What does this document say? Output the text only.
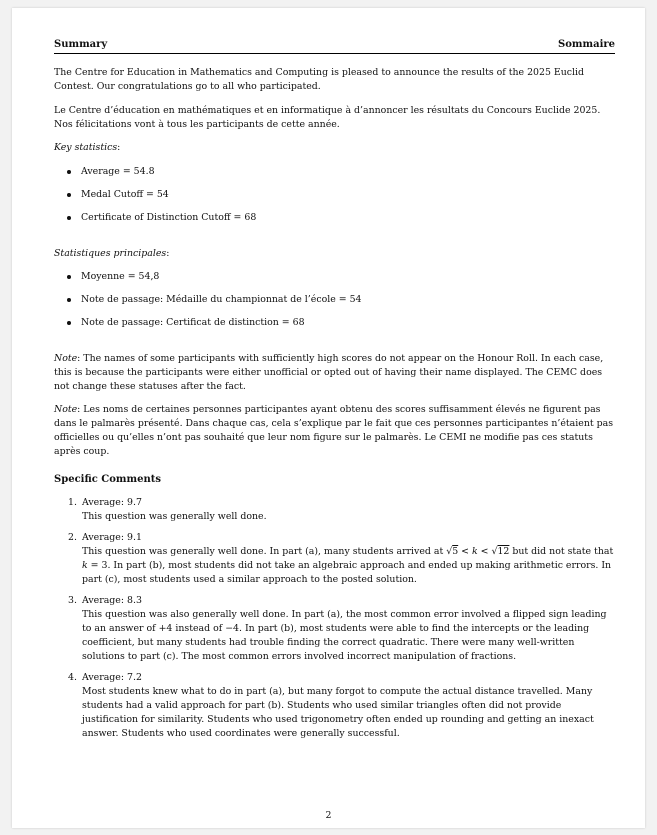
Summary	Sommaire

The Centre for Education in Mathematics and Computing is pleased to announce the results of the 2025 Euclid Contest. Our congratulations go to all who participated.

Le Centre d’éducation en mathématiques et en informatique à d’annoncer les résultats du Concours Euclide 2025. Nos félicitations vont à tous les participants de cette année.

Key statistics:

Average = 54.8
Medal Cutoff = 54
Certificate of Distinction Cutoff = 68

Statistiques principales:

Moyenne = 54,8
Note de passage: Médaille du championnat de l’école = 54
Note de passage: Certificat de distinction = 68

Note: The names of some participants with sufficiently high scores do not appear on the Honour Roll. In each case, this is because the participants were either unofficial or opted out of having their name displayed. The CEMC does not change these statuses after the fact.

Note: Les noms de certaines personnes participantes ayant obtenu des scores suffisamment élevés ne figurent pas dans le palmarès présenté. Dans chaque cas, cela s’explique par le fait que ces personnes participantes n’étaient pas officielles ou qu’elles n’ont pas souhaité que leur nom figure sur le palmarès. Le CEMI ne modifie pas ces statuts après coup.

Specific Comments
1. Average: 9.7
This question was generally well done.
2. Average: 9.1
This question was generally well done. In part (a), many students arrived at √5 < k < √12 but did not state that k = 3. In part (b), most students did not take an algebraic approach and ended up making arithmetic errors. In part (c), most students used a similar approach to the posted solution.
3. Average: 8.3
This question was also generally well done. In part (a), the most common error involved a flipped sign leading to an answer of +4 instead of −4. In part (b), most students were able to find the intercepts or the leading coefficient, but many students had trouble finding the correct quadratic. There were many well-written solutions to part (c). The most common errors involved incorrect manipulation of fractions.
4. Average: 7.2
Most students knew what to do in part (a), but many forgot to compute the actual distance travelled. Many students had a valid approach for part (b). Students who used similar triangles often did not provide justification for similarity. Students who used trigonometry often ended up rounding and getting an inexact answer. Students who used coordinates were generally successful.
2
